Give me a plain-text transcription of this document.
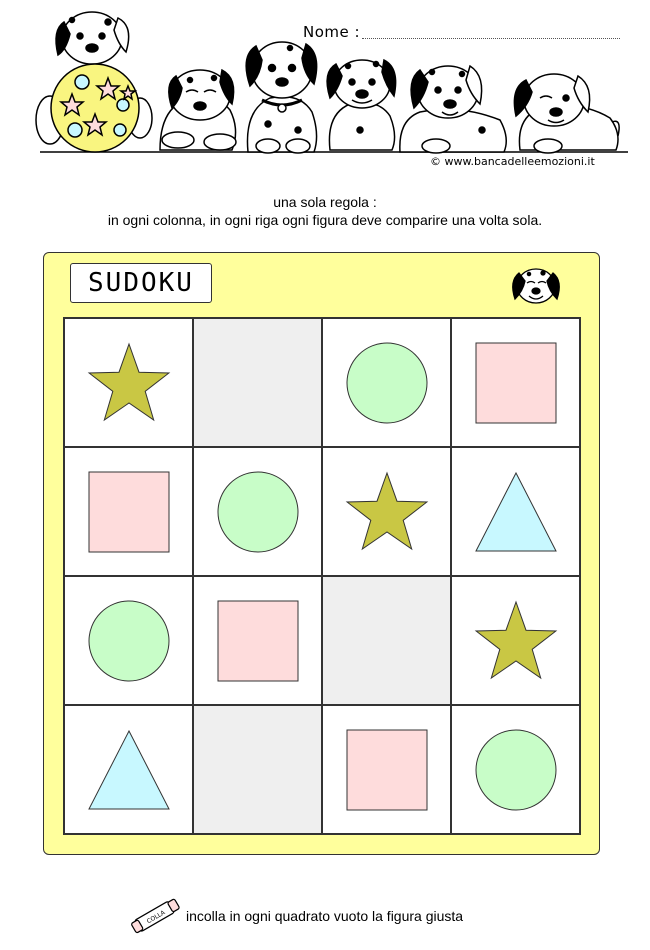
Nome :
© www.bancadelleemozioni.it
una sola regola :
in ogni colonna, in ogni riga ogni figura deve comparire una volta sola.
SUDOKU
COLLA incolla in ogni quadrato vuoto la figura giusta
